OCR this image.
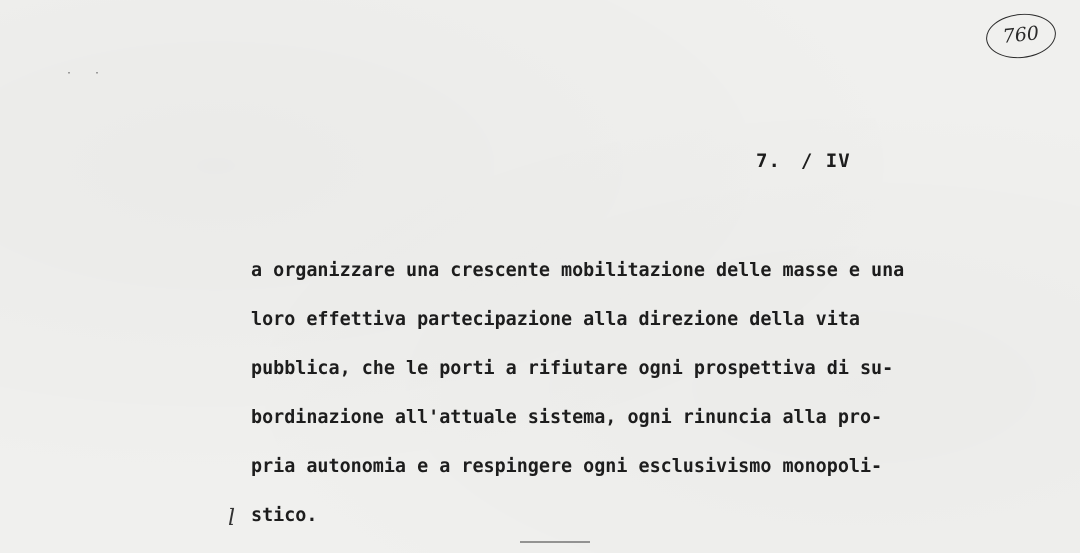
760
··
7. / IV
a organizzare una crescente mobilitazione delle masse e una
loro effettiva partecipazione alla direzione della vita
pubblica, che le porti a rifiutare ogni prospettiva di su-
bordinazione all'attuale sistema, ogni rinuncia alla pro-
pria autonomia e a respingere ogni esclusivismo monopoli-
stico.
l
